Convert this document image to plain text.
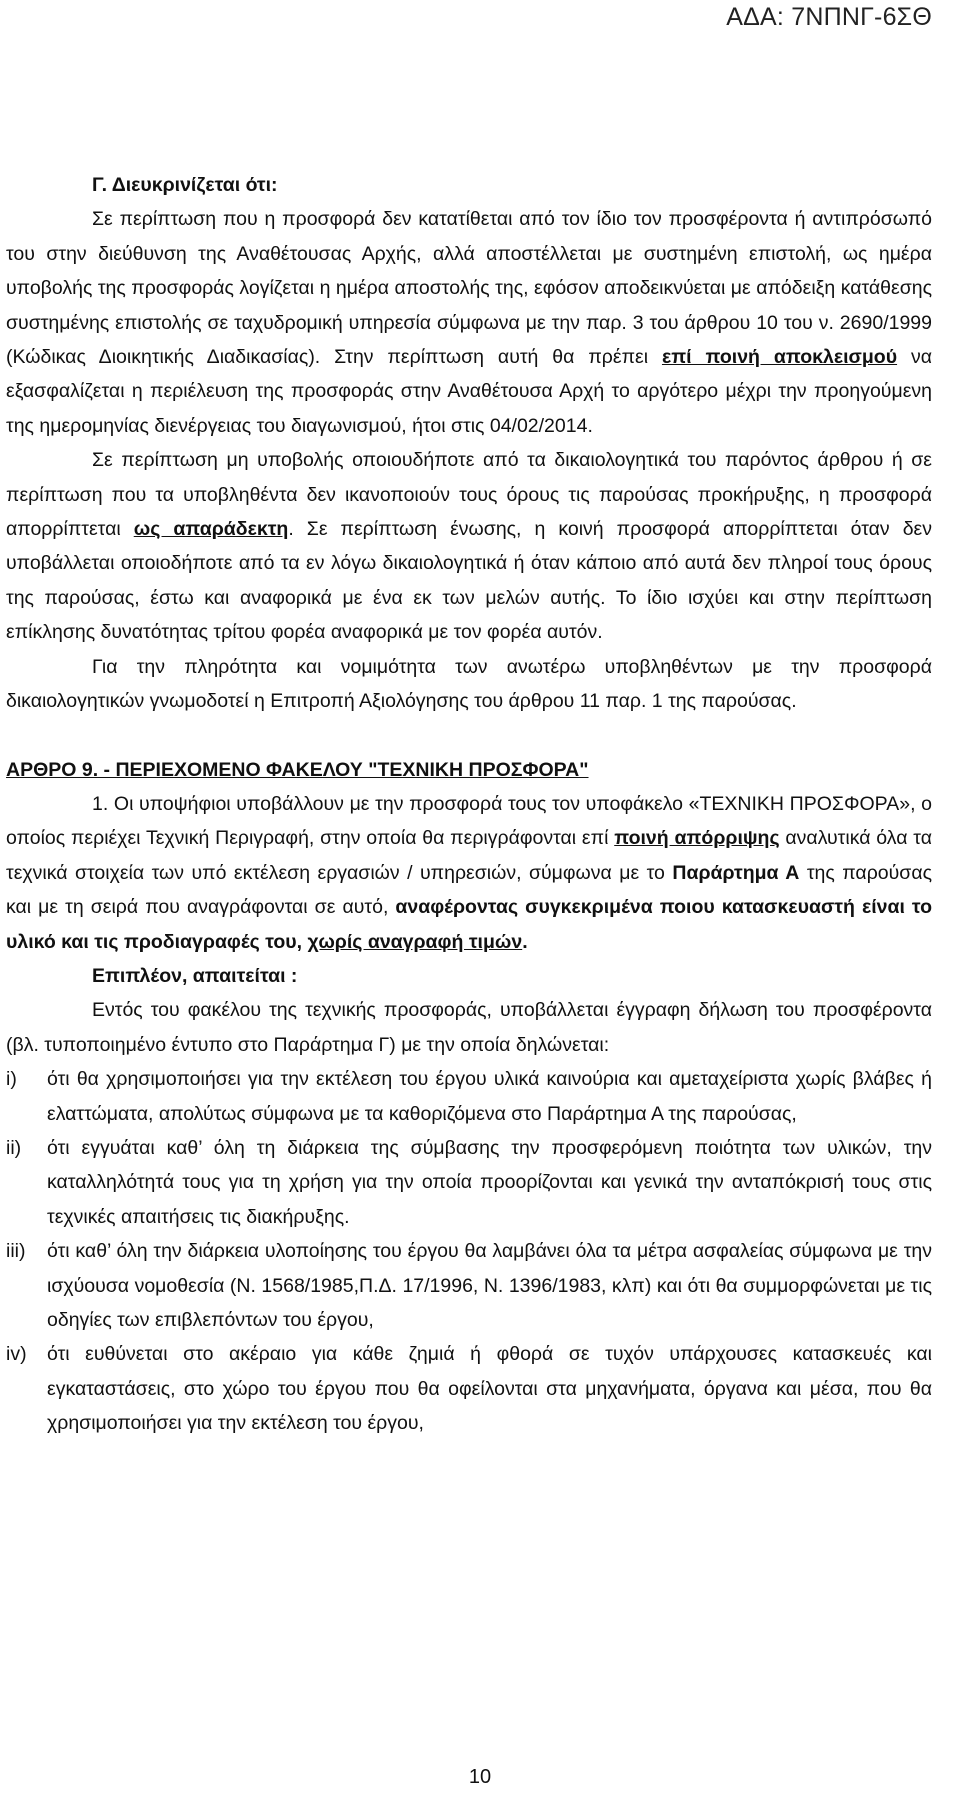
ΑΔΑ: 7ΝΠΝΓ-6ΣΘ

Γ. Διευκρινίζεται ότι:

Σε περίπτωση που η προσφορά δεν κατατίθεται από τον ίδιο τον προσφέροντα ή αντιπρόσωπό του στην διεύθυνση της Αναθέτουσας Αρχής, αλλά αποστέλλεται με συστημένη επιστολή, ως ημέρα υποβολής της προσφοράς λογίζεται η ημέρα αποστολής της, εφόσον αποδεικνύεται με απόδειξη κατάθεσης συστημένης επιστολής σε ταχυδρομική υπηρεσία σύμφωνα με την παρ. 3 του άρθρου 10 του ν. 2690/1999 (Κώδικας Διοικητικής Διαδικασίας). Στην περίπτωση αυτή θα πρέπει επί ποινή αποκλεισμού να εξασφαλίζεται η περιέλευση της προσφοράς στην Αναθέτουσα Αρχή το αργότερο μέχρι την προηγούμενη της ημερομηνίας διενέργειας του διαγωνισμού, ήτοι στις 04/02/2014.

Σε περίπτωση μη υποβολής οποιουδήποτε από τα δικαιολογητικά του παρόντος άρθρου ή σε περίπτωση που τα υποβληθέντα δεν ικανοποιούν τους όρους τις παρούσας προκήρυξης, η προσφορά απορρίπτεται ως απαράδεκτη. Σε περίπτωση ένωσης, η κοινή προσφορά απορρίπτεται όταν δεν υποβάλλεται οποιοδήποτε από τα εν λόγω δικαιολογητικά ή όταν κάποιο από αυτά δεν πληροί τους όρους της παρούσας, έστω και αναφορικά με ένα εκ των μελών αυτής. Το ίδιο ισχύει και στην περίπτωση επίκλησης δυνατότητας τρίτου φορέα αναφορικά με τον φορέα αυτόν.

Για την πληρότητα και νομιμότητα των ανωτέρω υποβληθέντων με την προσφορά δικαιολογητικών γνωμοδοτεί η Επιτροπή Αξιολόγησης του άρθρου 11 παρ. 1 της παρούσας.

ΑΡΘΡΟ 9. - ΠΕΡΙΕΧΟΜΕΝΟ ΦΑΚΕΛΟΥ "ΤΕΧΝΙΚΗ ΠΡΟΣΦΟΡΑ"

1. Οι υποψήφιοι υποβάλλουν με την προσφορά τους τον υποφάκελο «ΤΕΧΝΙΚΗ ΠΡΟΣΦΟΡΑ», ο οποίος περιέχει Τεχνική Περιγραφή, στην οποία θα περιγράφονται επί ποινή απόρριψης αναλυτικά όλα τα τεχνικά στοιχεία των υπό εκτέλεση εργασιών / υπηρεσιών, σύμφωνα με το Παράρτημα Α της παρούσας και με τη σειρά που αναγράφονται σε αυτό, αναφέροντας συγκεκριμένα ποιου κατασκευαστή είναι το υλικό και τις προδιαγραφές του, χωρίς αναγραφή τιμών.

Επιπλέον, απαιτείται :

Εντός του φακέλου της τεχνικής προσφοράς, υποβάλλεται έγγραφη δήλωση του προσφέροντα (βλ. τυποποιημένο έντυπο στο Παράρτημα Γ) με την οποία δηλώνεται:

i) ότι θα χρησιμοποιήσει για την εκτέλεση του έργου υλικά καινούρια και αμεταχείριστα χωρίς βλάβες ή ελαττώματα, απολύτως σύμφωνα με τα καθοριζόμενα στο Παράρτημα Α της παρούσας,

ii) ότι εγγυάται καθ’ όλη τη διάρκεια της σύμβασης την προσφερόμενη ποιότητα των υλικών, την καταλληλότητά τους για τη χρήση για την οποία προορίζονται και γενικά την ανταπόκρισή τους στις τεχνικές απαιτήσεις τις διακήρυξης.

iii) ότι καθ’ όλη την διάρκεια υλοποίησης του έργου θα λαμβάνει όλα τα μέτρα ασφαλείας σύμφωνα με την ισχύουσα νομοθεσία (Ν. 1568/1985,Π.Δ. 17/1996, Ν. 1396/1983, κλπ) και ότι θα συμμορφώνεται με τις οδηγίες των επιβλεπόντων του έργου,

iv) ότι ευθύνεται στο ακέραιο για κάθε ζημιά ή φθορά σε τυχόν υπάρχουσες κατασκευές και εγκαταστάσεις, στο χώρο του έργου που θα οφείλονται στα μηχανήματα, όργανα και μέσα, που θα χρησιμοποιήσει για την εκτέλεση του έργου,

10
